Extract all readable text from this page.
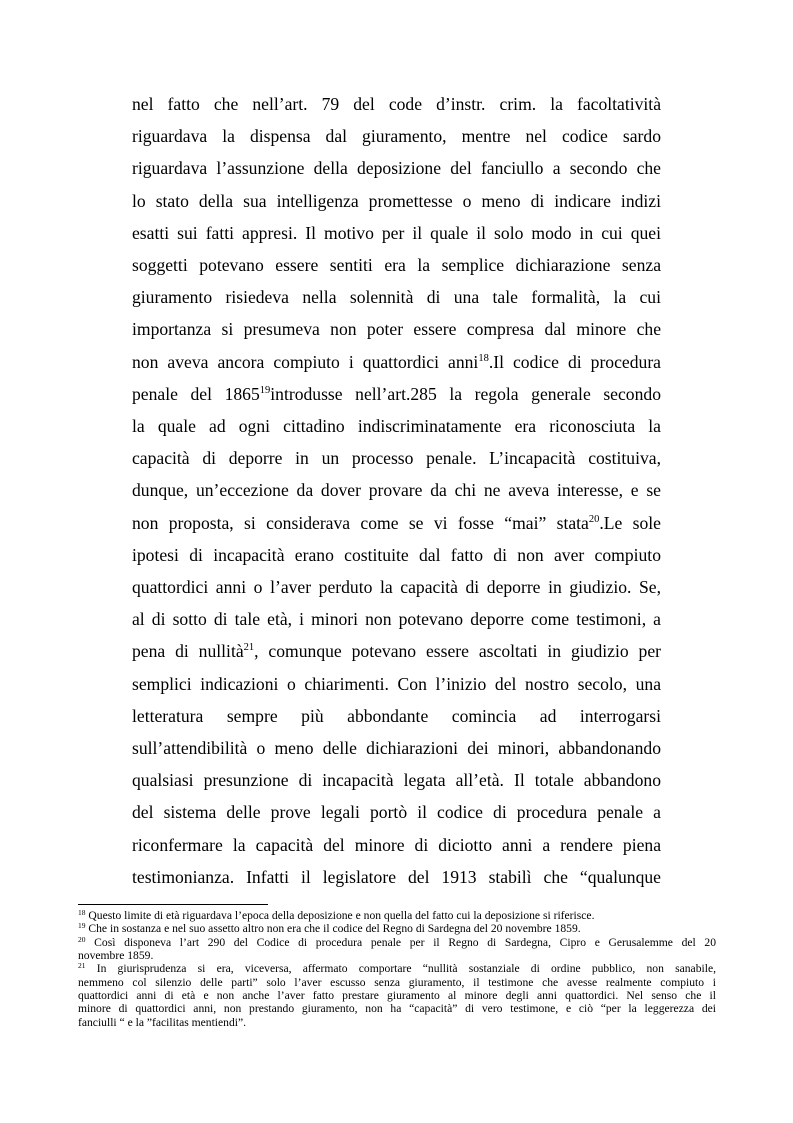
nel fatto che nell’art. 79 del code d’instr. crim. la facoltatività
riguardava la dispensa dal giuramento, mentre nel codice sardo
riguardava l’assunzione della deposizione del fanciullo a secondo che
lo stato della sua intelligenza promettesse o meno di indicare indizi
esatti sui fatti appresi. Il motivo per il quale il solo modo in cui quei
soggetti potevano essere sentiti era la semplice dichiarazione senza
giuramento risiedeva nella solennità di una tale formalità, la cui
importanza si presumeva non poter essere compresa dal minore che
non aveva ancora compiuto i quattordici anni$^{18}$.Il codice di procedura
penale del 1865$^{19}$introdusse nell’art.285 la regola generale secondo
la quale ad ogni cittadino indiscriminatamente era riconosciuta la
capacità di deporre in un processo penale. L’incapacità costituiva,
dunque, un’eccezione da dover provare da chi ne aveva interesse, e se
non proposta, si considerava come se vi fosse “mai” stata$^{20}$.Le sole
ipotesi di incapacità erano costituite dal fatto di non aver compiuto
quattordici anni o l’aver perduto la capacità di deporre in giudizio. Se,
al di sotto di tale età, i minori non potevano deporre come testimoni, a
pena di nullità$^{21}$, comunque potevano essere ascoltati in giudizio per
semplici indicazioni o chiarimenti. Con l’inizio del nostro secolo, una
letteratura sempre più abbondante comincia ad interrogarsi
sull’attendibilità o meno delle dichiarazioni dei minori, abbandonando
qualsiasi presunzione di incapacità legata all’età. Il totale abbandono
del sistema delle prove legali portò il codice di procedura penale a
riconfermare la capacità del minore di diciotto anni a rendere piena
testimonianza. Infatti il legislatore del 1913 stabilì che “qualunque
$^{18}$ Questo limite di età riguardava l’epoca della deposizione e non quella del fatto cui la deposizione si riferisce.
$^{19}$ Che in sostanza e nel suo assetto altro non era che il codice del Regno di Sardegna del 20 novembre 1859.
$^{20}$ Così disponeva l’art 290 del Codice di procedura penale per il Regno di Sardegna, Cipro e Gerusalemme del 20
novembre 1859.
$^{21}$ In giurisprudenza si era, viceversa, affermato comportare “nullità sostanziale di ordine pubblico, non sanabile,
nemmeno col silenzio delle parti” solo l’aver escusso senza giuramento, il testimone che avesse realmente compiuto i
quattordici anni di età e non anche l’aver fatto prestare giuramento al minore degli anni quattordici. Nel senso che il
minore di quattordici anni, non prestando giuramento, non ha “capacità” di vero testimone, e ciò “per la leggerezza dei
fanciulli “ e la ”facilitas mentiendi”.
